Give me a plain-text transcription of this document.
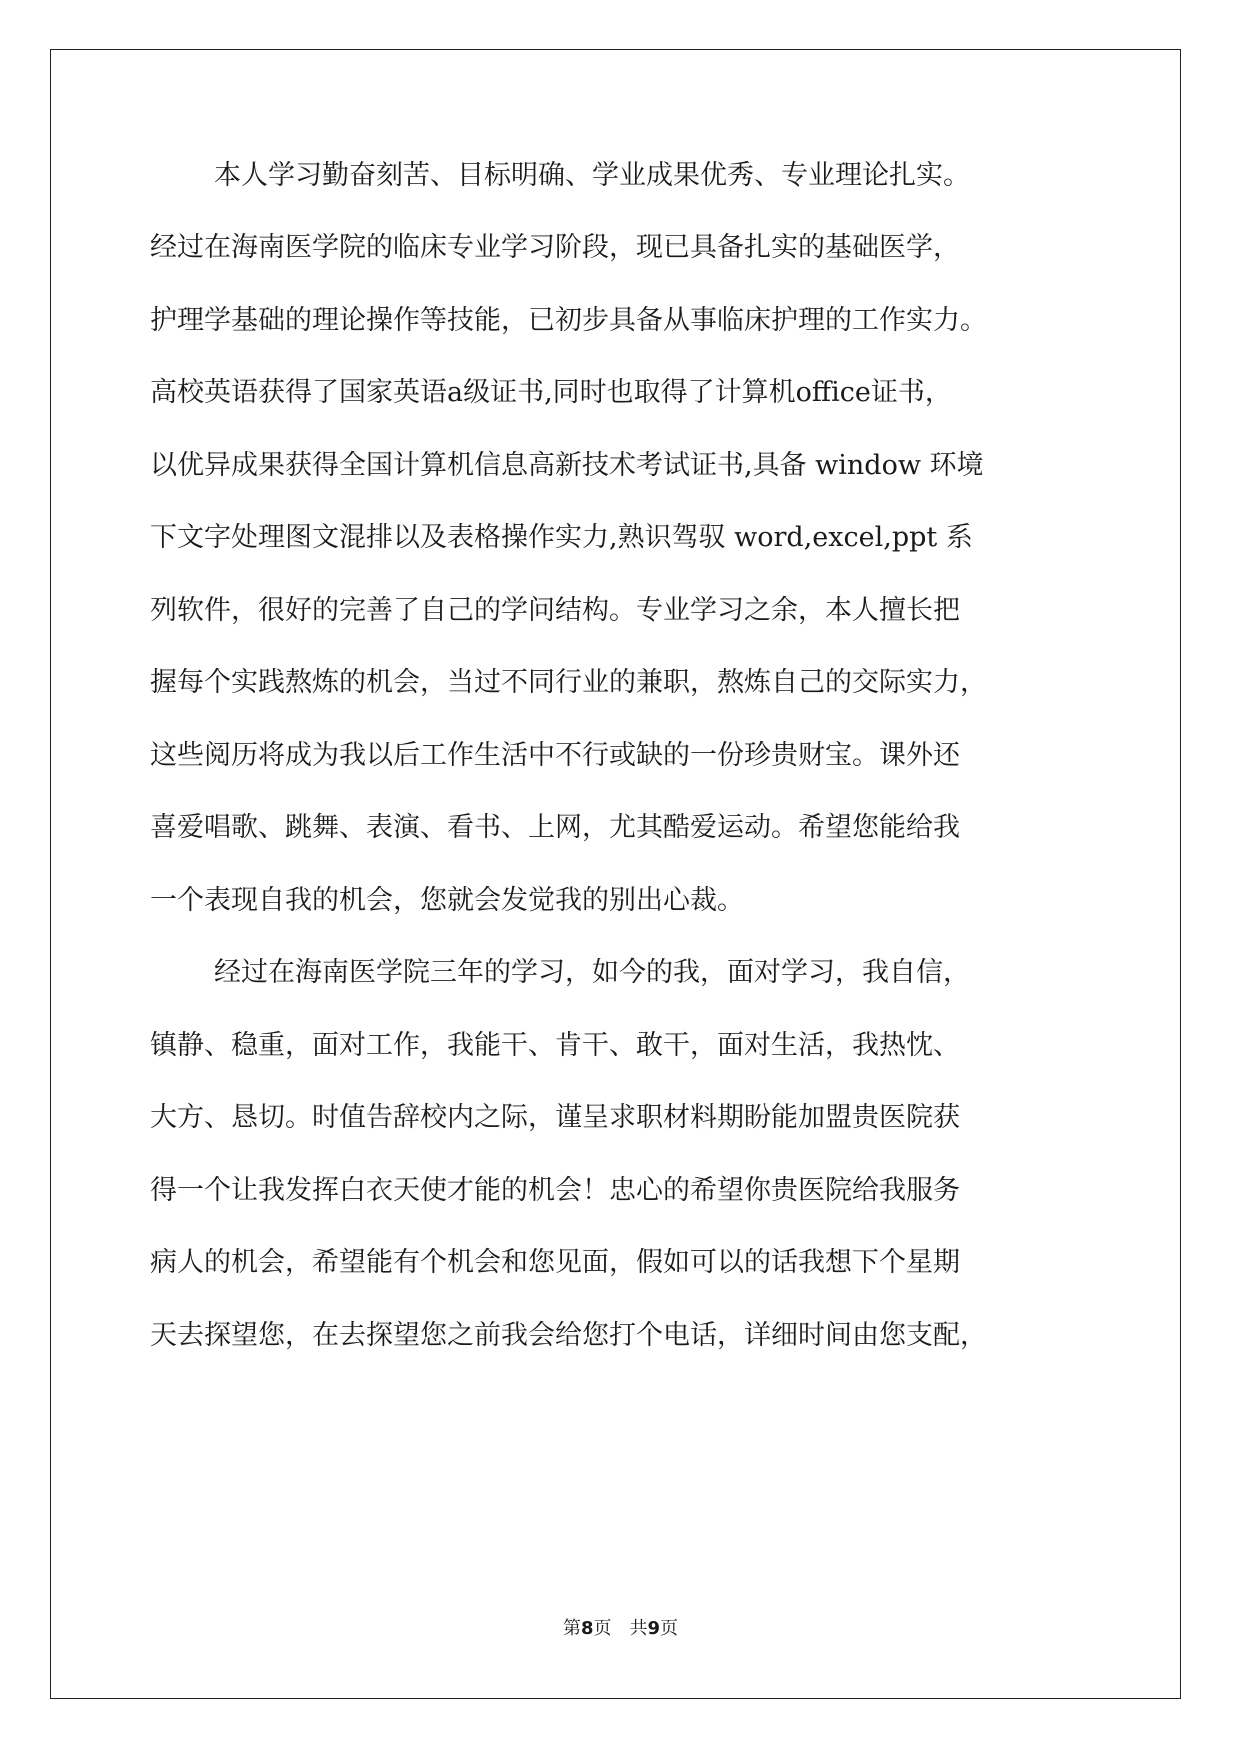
本人学习勤奋刻苦、目标明确、学业成果优秀、专业理论扎实。
经过在海南医学院的临床专业学习阶段，现已具备扎实的基础医学，
护理学基础的理论操作等技能，已初步具备从事临床护理的工作实力。
高校英语获得了国家英语a级证书,同时也取得了计算机office证书，
以优异成果获得全国计算机信息高新技术考试证书,具备 window 环境
下文字处理图文混排以及表格操作实力,熟识驾驭 word,excel,ppt 系
列软件，很好的完善了自己的学问结构。专业学习之余，本人擅长把
握每个实践熬炼的机会，当过不同行业的兼职，熬炼自己的交际实力，
这些阅历将成为我以后工作生活中不行或缺的一份珍贵财宝。课外还
喜爱唱歌、跳舞、表演、看书、上网，尤其酷爱运动。希望您能给我
一个表现自我的机会，您就会发觉我的别出心裁。
经过在海南医学院三年的学习，如今的我，面对学习，我自信，
镇静、稳重，面对工作，我能干、肯干、敢干，面对生活，我热忱、
大方、恳切。时值告辞校内之际，谨呈求职材料期盼能加盟贵医院获
得一个让我发挥白衣天使才能的机会！忠心的希望你贵医院给我服务
病人的机会，希望能有个机会和您见面，假如可以的话我想下个星期
天去探望您，在去探望您之前我会给您打个电话，详细时间由您支配，
第8页　共9页
